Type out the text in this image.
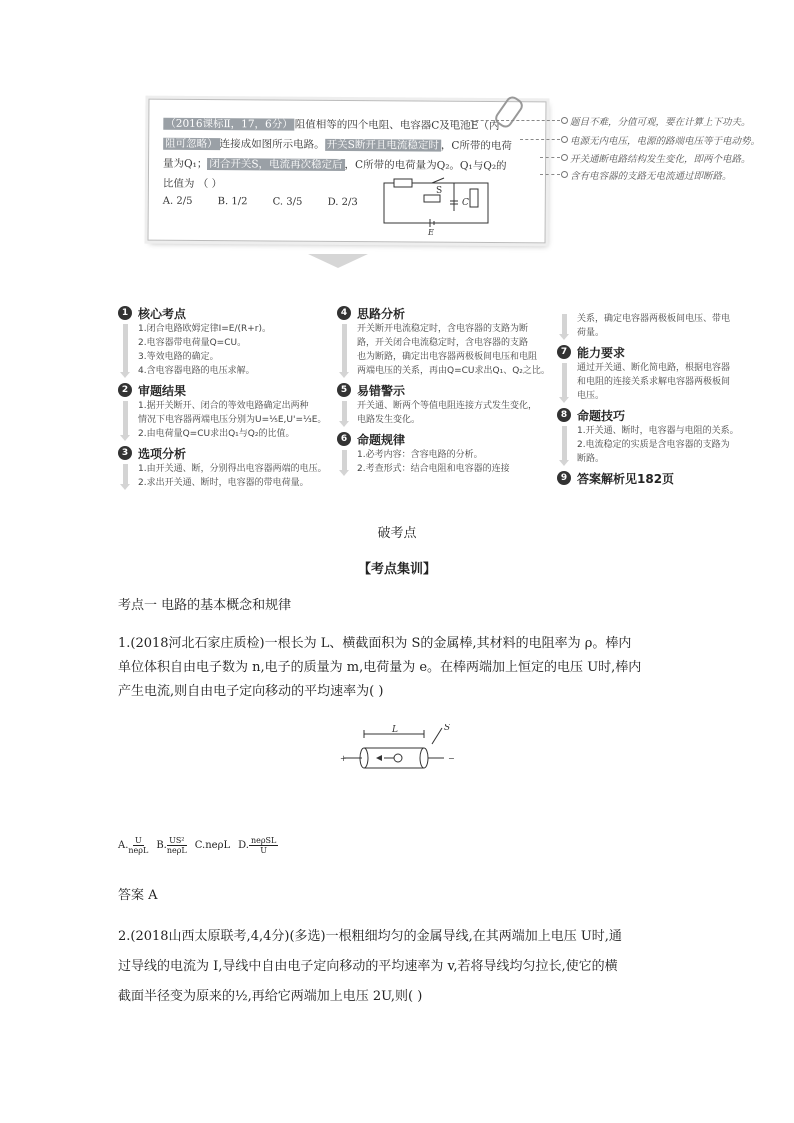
（2016课标Ⅱ，17，6分） 阻值相等的四个电阻、电容器C及电池E（内
阻可忽略） 连接成如图所示电路。 开关S断开且电流稳定时 ，C所带的电荷
量为Q₁； 闭合开关S，电流再次稳定后 ，C所带的电荷量为Q₂。Q₁与Q₂的
比值为 （ ）
A. 2/5	B. 1/2	C. 3/5	D. 2/3
S
C
E
题目不难，分值可观，要在计算上下功夫。
电源无内电压，电源的路端电压等于电动势。
开关通断电路结构发生变化，即两个电路。
含有电容器的支路无电流通过即断路。
1 核心考点
1.闭合电路欧姆定律I=E/(R+r)。
2.电容器带电荷量Q=CU。
3.等效电路的确定。
4.含电容器电路的电压求解。
2 审题结果
1.据开关断开、闭合的等效电路确定出两种
情况下电容器两端电压分别为U=⅕E,U'=⅓E。
2.由电荷量Q=CU求出Q₁与Q₂的比值。
3 选项分析
1.由开关通、断，分别得出电容器两端的电压。
2.求出开关通、断时，电容器的带电荷量。
4 思路分析
开关断开电流稳定时，含电容器的支路为断
路，开关闭合电流稳定时，含电容器的支路
也为断路，确定出电容器两极板间电压和电阻
两端电压的关系，再由Q=CU求出Q₁、Q₂之比。
5 易错警示
开关通、断两个等值电阻连接方式发生变化，
电路发生变化。
6 命题规律
1.必考内容：含容电路的分析。
2.考查形式：结合电阻和电容器的连接
关系，确定电容器两极板间电压、带电
荷量。
7 能力要求
通过开关通、断化简电路，根据电容器
和电阻的连接关系求解电容器两极板间
电压。
8 命题技巧
1.开关通、断时，电容器与电阻的关系。
2.电流稳定的实质是含电容器的支路为
断路。
9 答案解析见182页
破考点
【考点集训】
考点一 电路的基本概念和规律
1.(2018河北石家庄质检)一根长为 L、横截面积为 S的金属棒,其材料的电阻率为 ρ。棒内
单位体积自由电子数为 n,电子的质量为 m,电荷量为 e。在棒两端加上恒定的电压 U时,棒内
产生电流,则自由电子定向移动的平均速率为( )
L	S
+	−
A. $\frac{U}{\text{neρL}} B$. $\frac{\text{US²}}{\text{neρL}} C.ne\rho L$ D. $\frac{\text{neρSL}}{U}$
答案 A
2.(2018山西太原联考,4,4分)(多选)一根粗细均匀的金属导线,在其两端加上电压 U时,通
过导线的电流为 I,导线中自由电子定向移动的平均速率为 v,若将导线均匀拉长,使它的横
截面半径变为原来的½,再给它两端加上电压 2U,则( )
